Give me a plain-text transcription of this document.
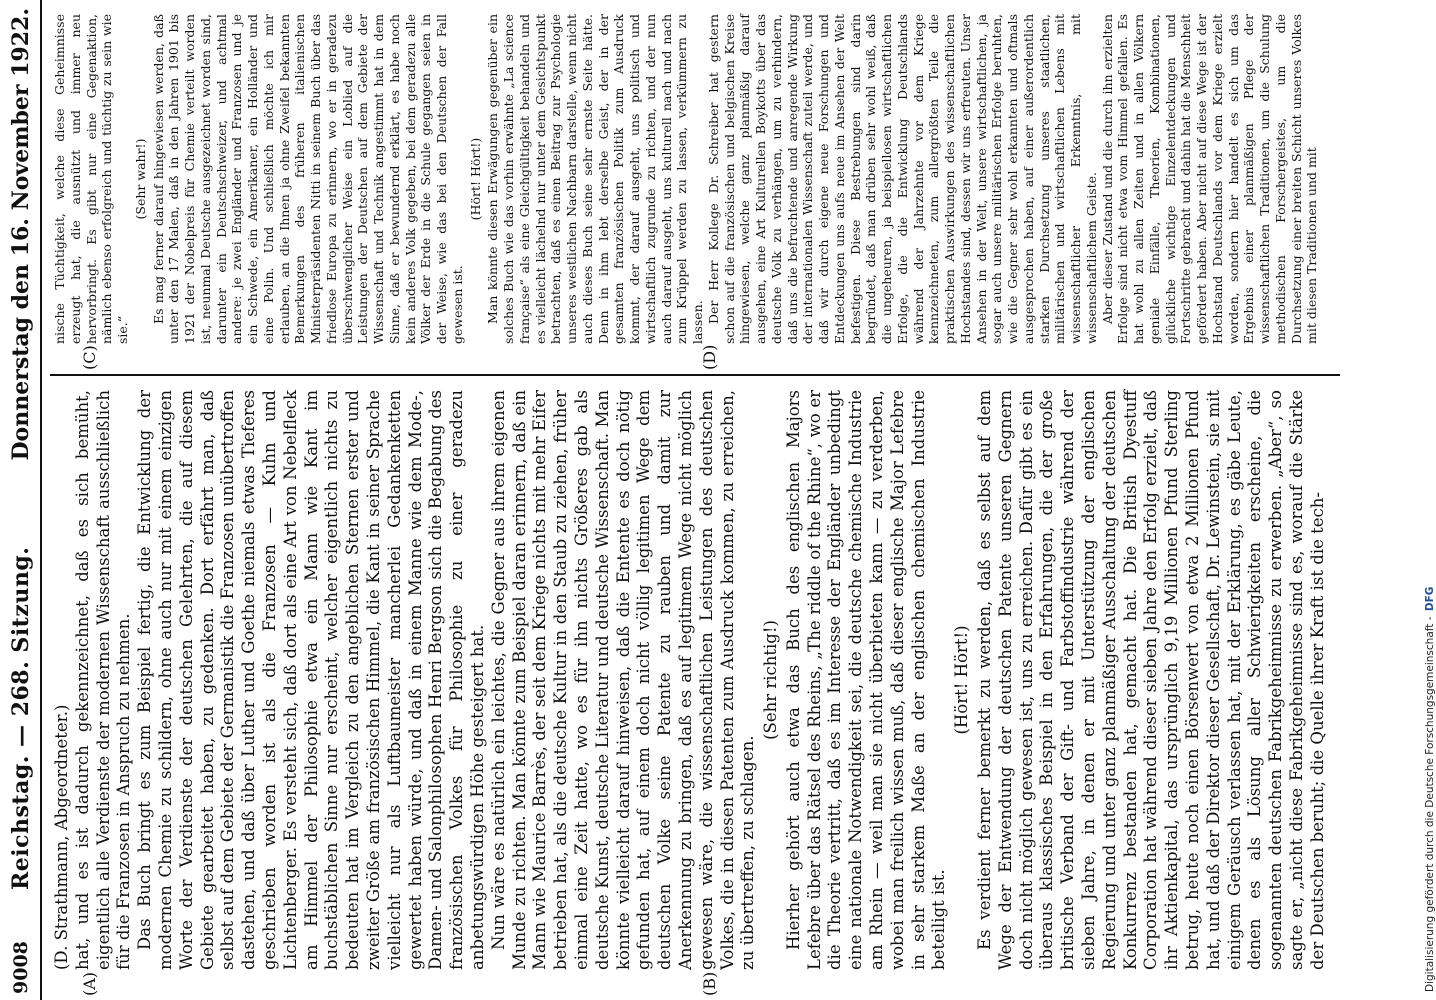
9008
Reichstag. — 268. Sitzung.
Donnerstag den 16. November 1922.
(A)	(B)
(C)	(D)

(D. Strathmann, Abgeordneter.) hat, und es ist dadurch gekennzeichnet, daß es sich bemüht, eigentlich alle Verdienste der modernen Wissenschaft ausschließlich für die Franzosen in Anspruch zu nehmen. Das Buch bringt es zum Beispiel fertig, die Entwicklung der modernen Chemie zu schildern, ohne auch nur mit einem einzigen Worte der Verdienste der deutschen Gelehrten, die auf diesem Gebiete gearbeitet haben, zu gedenken. Dort erfährt man, daß selbst auf dem Gebiete der Germanistik die Franzosen unübertroffen dastehen, und daß über Luther und Goethe niemals etwas Tieferes geschrieben worden ist als die Franzosen — Kuhn und Lichtenberger. Es versteht sich, daß dort als eine Art von Nebelfleck am Himmel der Philosophie etwa ein Mann wie Kant im buchstäblichen Sinne nur erscheint, welcher eigentlich nichts zu bedeuten hat im Vergleich zu den angeblichen Sternen erster und zweiter Größe am französischen Himmel, die Kant in seiner Sprache vielleicht nur als Luftbaumeister mancherlei Gedankenketten gewertet haben würde, und daß in einem Manne wie dem Mode-, Damen- und Salonphilosophen Henri Bergson sich die Begabung des französischen Volkes für Philosophie zu einer geradezu anbetungswürdigen Höhe gesteigert hat. Nun wäre es natürlich ein leichtes, die Gegner aus ihrem eigenen Munde zu richten. Man könnte zum Beispiel daran erinnern, daß ein Mann wie Maurice Barrès, der seit dem Kriege nichts mit mehr Eifer betrieben hat, als die deutsche Kultur in den Staub zu ziehen, früher einmal eine Zeit hatte, wo es für ihn nichts Größeres gab als deutsche Kunst, deutsche Literatur und deutsche Wissenschaft. Man könnte vielleicht darauf hinweisen, daß die Entente es doch nötig gefunden hat, auf einem doch nicht völlig legitimen Wege dem deutschen Volke seine Patente zu rauben und damit zur Anerkennung zu bringen, daß es auf legitimem Wege nicht möglich gewesen wäre, die wissenschaftlichen Leistungen des deutschen Volkes, die in diesen Patenten zum Ausdruck kommen, zu erreichen, zu übertreffen, zu schlagen.

(Sehr richtig!) Hierher gehört auch etwa das Buch des englischen Majors Lefebre über das Rätsel des Rheins, „The riddle of the Rhine“, wo er die Theorie vertritt, daß es im Interesse der Engländer unbedingt eine nationale Notwendigkeit sei, die deutsche chemische Industrie am Rhein — weil man sie nicht überbieten kann — zu verderben, wobei man freilich wissen muß, daß dieser englische Major Lefebre in sehr starkem Maße an der englischen chemischen Industrie beteiligt ist.

(Hört! Hört!) Es verdient ferner bemerkt zu werden, daß es selbst auf dem Wege der Entwendung der deutschen Patente unseren Gegnern doch nicht möglich gewesen ist, uns zu erreichen. Dafür gibt es ein überaus klassisches Beispiel in den Erfahrungen, die der große britische Verband der Gift- und Farbstoffindustrie während der sieben Jahre, in denen er mit Unterstützung der englischen Regierung und unter ganz planmäßiger Ausschaltung der deutschen Konkurrenz bestanden hat, gemacht hat. Die British Dyestuff Corporation hat während dieser sieben Jahre den Erfolg erzielt, daß ihr Aktienkapital, das ursprünglich 9,19 Millionen Pfund Sterling betrug, heute noch einen Börsenwert von etwa 2 Millionen Pfund hat, und daß der Direktor dieser Gesellschaft, Dr. Lewinstein, sie mit einigem Geräusch verlassen hat, mit der Erklärung, es gäbe Leute, denen es als Lösung aller Schwierigkeiten erscheine, die sogenannten deutschen Fabrikgeheimnisse zu erwerben. „Aber“, so sagte er, „nicht diese Fabrikgeheimnisse sind es, worauf die Stärke der Deutschen beruht; die Quelle ihrer Kraft ist die tech-

nische Tüchtigkeit, welche diese Geheimnisse erzeugt hat, die ausnützt und immer neu hervorbringt. Es gibt nur eine Gegenaktion, nämlich ebenso erfolgreich und tüchtig zu sein wie sie.“

(Sehr wahr!) Es mag ferner darauf hingewiesen werden, daß unter den 17 Malen, daß in den Jahren 1901 bis 1921 der Nobelpreis für Chemie verteilt worden ist, neunmal Deutsche ausgezeichnet worden sind, darunter ein Deutschschweizer, und achtmal andere: je zwei Engländer und Franzosen und je ein Schwede, ein Amerikaner, ein Holländer und eine Polin. Und schließlich möchte ich mir erlauben, an die Ihnen ja ohne Zweifel bekannten Bemerkungen des früheren italienischen Ministerpräsidenten Nitti in seinem Buch über das friedlose Europa zu erinnern, wo er in geradezu überschwenglicher Weise ein Loblied auf die Leistungen der Deutschen auf dem Gebiete der Wissenschaft und Technik angestimmt hat in dem Sinne, daß er bewundernd erklärt, es habe noch kein anderes Volk gegeben, bei dem geradezu alle Völker der Erde in die Schule gegangen seien in der Weise, wie das bei den Deutschen der Fall gewesen ist.

(Hört! Hört!) Man könnte diesen Erwägungen gegenüber ein solches Buch wie das vorhin erwähnte „La science française“ als eine Gleichgültigkeit behandeln und es vielleicht lächelnd nur unter dem Gesichtspunkt betrachten, daß es einen Beitrag zur Psychologie unseres westlichen Nachbarn darstelle, wenn nicht auch dieses Buch seine sehr ernste Seite hätte. Denn in ihm lebt derselbe Geist, der in der gesamten französischen Politik zum Ausdruck kommt, der darauf ausgeht, uns politisch und wirtschaftlich zugrunde zu richten, und der nun auch darauf ausgeht, uns kulturell nach und nach zum Krüppel werden zu lassen, verkümmern zu lassen. Der Herr Kollege Dr. Schreiber hat gestern schon auf die französischen und belgischen Kreise hingewiesen, welche ganz planmäßig darauf ausgehen, eine Art Kulturellen Boykotts über das deutsche Volk zu verhängen, um zu verhindern, daß uns die befruchtende und anregende Wirkung der internationalen Wissenschaft zuteil werde, und daß wir durch eigene neue Forschungen und Entdeckungen uns aufs neue im Ansehen der Welt befestigen. Diese Bestrebungen sind darin begründet, daß man drüben sehr wohl weiß, daß die ungeheuren, ja beispiellosen wirtschaftlichen Erfolge, die die Entwicklung Deutschlands während der Jahrzehnte vor dem Kriege kennzeichneten, zum allergrößten Teile die praktischen Auswirkungen des wissenschaftlichen Hochstandes sind, dessen wir uns erfreuten. Unser Ansehen in der Welt, unsere wirtschaftlichen, ja sogar auch unsere militärischen Erfolge beruhten, wie die Gegner sehr wohl erkannten und oftmals ausgesprochen haben, auf einer außerordentlich starken Durchsetzung unseres staatlichen, militärischen und wirtschaftlichen Lebens mit wissenschaftlicher Erkenntnis, mit wissenschaftlichem Geiste. Aber dieser Zustand und die durch ihn erzielten Erfolge sind nicht etwa vom Himmel gefallen. Es hat wohl zu allen Zeiten und in allen Völkern geniale Einfälle, Theorien, Kombinationen, glückliche wichtige Einzelentdeckungen und Fortschritte gebracht und dahin hat die Menschheit gefördert haben. Aber nicht auf diese Wege ist der Hochstand Deutschlands vor dem Kriege erzielt worden, sondern hier handelt es sich um das Ergebnis einer planmäßigen Pflege der wissenschaftlichen Traditionen, um die Schulung methodischen Forschergeistes, um die Durchsetzung einer breiten Schicht unseres Volkes mit diesen Traditionen und mit

Digitalisierung gefördert durch die Deutsche Forschungsgemeinschaft - DFG
